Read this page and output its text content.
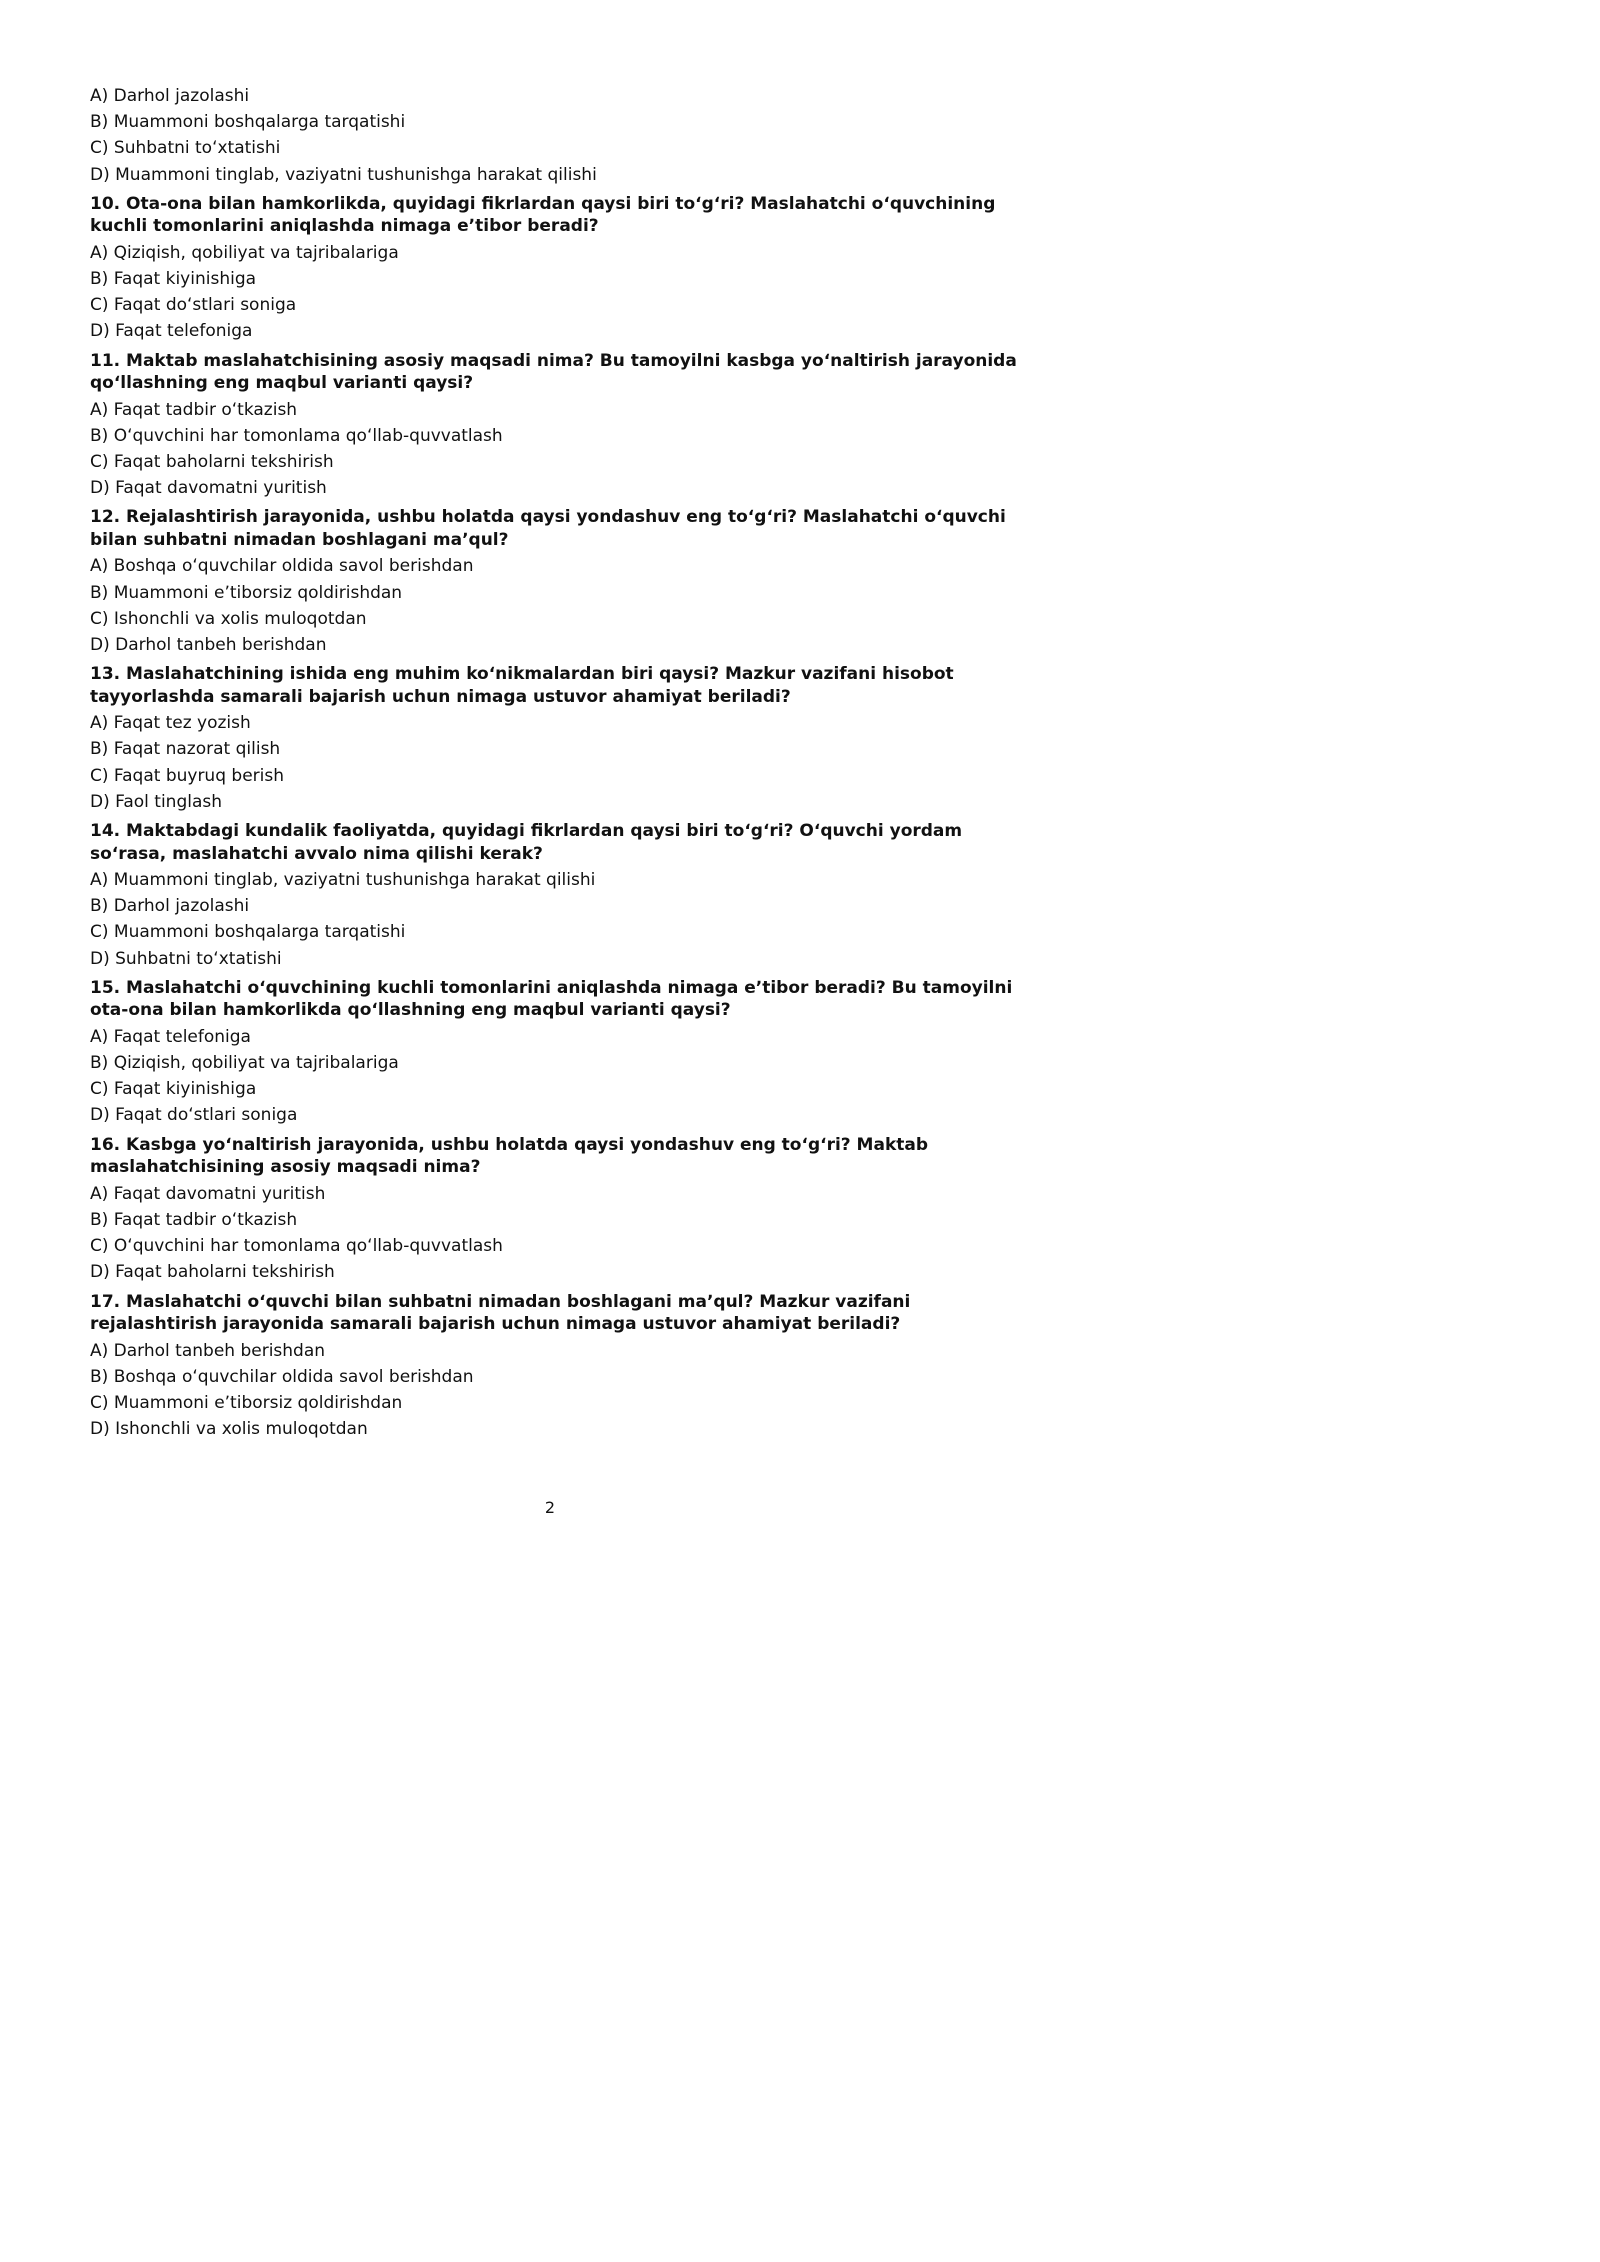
A) Darhol jazolashi
B) Muammoni boshqalarga tarqatishi
C) Suhbatni toʻxtatishi
D) Muammoni tinglab, vaziyatni tushunishga harakat qilishi
10. Ota-ona bilan hamkorlikda, quyidagi fikrlardan qaysi biri toʻgʻri? Maslahatchi oʻquvchining kuchli tomonlarini aniqlashda nimaga eʼtibor beradi?
A) Qiziqish, qobiliyat va tajribalariga
B) Faqat kiyinishiga
C) Faqat doʻstlari soniga
D) Faqat telefoniga
11. Maktab maslahatchisining asosiy maqsadi nima? Bu tamoyilni kasbga yoʻnaltirish jarayonida qoʻllashning eng maqbul varianti qaysi?
A) Faqat tadbir oʻtkazish
B) Oʻquvchini har tomonlama qoʻllab-quvvatlash
C) Faqat baholarni tekshirish
D) Faqat davomatni yuritish
12. Rejalashtirish jarayonida, ushbu holatda qaysi yondashuv eng toʻgʻri? Maslahatchi oʻquvchi bilan suhbatni nimadan boshlagani maʼqul?
A) Boshqa oʻquvchilar oldida savol berishdan
B) Muammoni eʼtiborsiz qoldirishdan
C) Ishonchli va xolis muloqotdan
D) Darhol tanbeh berishdan
13. Maslahatchining ishida eng muhim koʻnikmalardan biri qaysi? Mazkur vazifani hisobot tayyorlashda samarali bajarish uchun nimaga ustuvor ahamiyat beriladi?
A) Faqat tez yozish
B) Faqat nazorat qilish
C) Faqat buyruq berish
D) Faol tinglash
14. Maktabdagi kundalik faoliyatda, quyidagi fikrlardan qaysi biri toʻgʻri? Oʻquvchi yordam soʻrasa, maslahatchi avvalo nima qilishi kerak?
A) Muammoni tinglab, vaziyatni tushunishga harakat qilishi
B) Darhol jazolashi
C) Muammoni boshqalarga tarqatishi
D) Suhbatni toʻxtatishi
15. Maslahatchi oʻquvchining kuchli tomonlarini aniqlashda nimaga eʼtibor beradi? Bu tamoyilni ota-ona bilan hamkorlikda qoʻllashning eng maqbul varianti qaysi?
A) Faqat telefoniga
B) Qiziqish, qobiliyat va tajribalariga
C) Faqat kiyinishiga
D) Faqat doʻstlari soniga
16. Kasbga yoʻnaltirish jarayonida, ushbu holatda qaysi yondashuv eng toʻgʻri? Maktab maslahatchisining asosiy maqsadi nima?
A) Faqat davomatni yuritish
B) Faqat tadbir oʻtkazish
C) Oʻquvchini har tomonlama qoʻllab-quvvatlash
D) Faqat baholarni tekshirish
17. Maslahatchi oʻquvchi bilan suhbatni nimadan boshlagani maʼqul? Mazkur vazifani rejalashtirish jarayonida samarali bajarish uchun nimaga ustuvor ahamiyat beriladi?
A) Darhol tanbeh berishdan
B) Boshqa oʻquvchilar oldida savol berishdan
C) Muammoni eʼtiborsiz qoldirishdan
D) Ishonchli va xolis muloqotdan
2
